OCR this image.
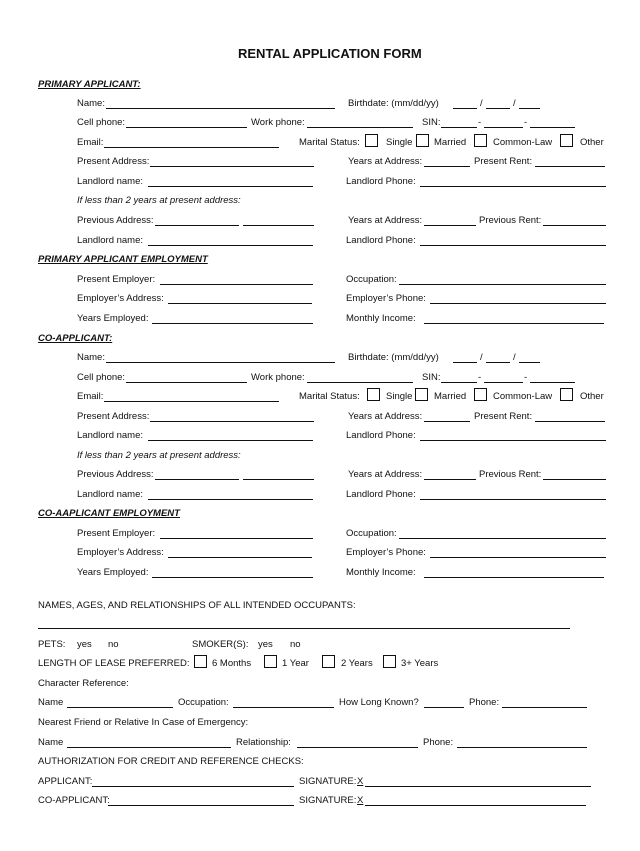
RENTAL APPLICATION FORM
PRIMARY APPLICANT:
Name:	Birthdate: (mm/dd/yy)	/	/
Cell phone:	Work phone:	SIN:	-	-
Email:	Marital Status:	Single Married	Common-Law	Other
Present Address:	Years at Address:	Present Rent:
Landlord name:	Landlord Phone:
If less than 2 years at present address:
Previous Address:	Years at Address:	Previous Rent:
Landlord name:	Landlord Phone:
PRIMARY APPLICANT EMPLOYMENT
Present Employer:	Occupation:
Employer’s Address:	Employer’s Phone:
Years Employed:	Monthly Income:
CO-APPLICANT:
Name:	Birthdate: (mm/dd/yy)	/	/
Cell phone:	Work phone:	SIN:	-	-
Email:	Marital Status:	Single Married	Common-Law	Other
Present Address:	Years at Address:	Present Rent:
Landlord name:	Landlord Phone:
If less than 2 years at present address:
Previous Address:	Years at Address:	Previous Rent:
Landlord name:	Landlord Phone:
CO-AAPLICANT EMPLOYMENT
Present Employer:	Occupation:
Employer’s Address:	Employer’s Phone:
Years Employed:	Monthly Income:
NAMES, AGES, AND RELATIONSHIPS OF ALL INTENDED OCCUPANTS:
PETS: yes no	SMOKER(S): yes no
LENGTH OF LEASE PREFERRED: 6 Months	1 Year	2 Years	3+ Years
Character Reference:
Name	Occupation:	How Long Known?	Phone:
Nearest Friend or Relative In Case of Emergency:
Name	Relationship:	Phone:
AUTHORIZATION FOR CREDIT AND REFERENCE CHECKS:
APPLICANT:	SIGNATURE: X
CO-APPLICANT:	SIGNATURE: X
